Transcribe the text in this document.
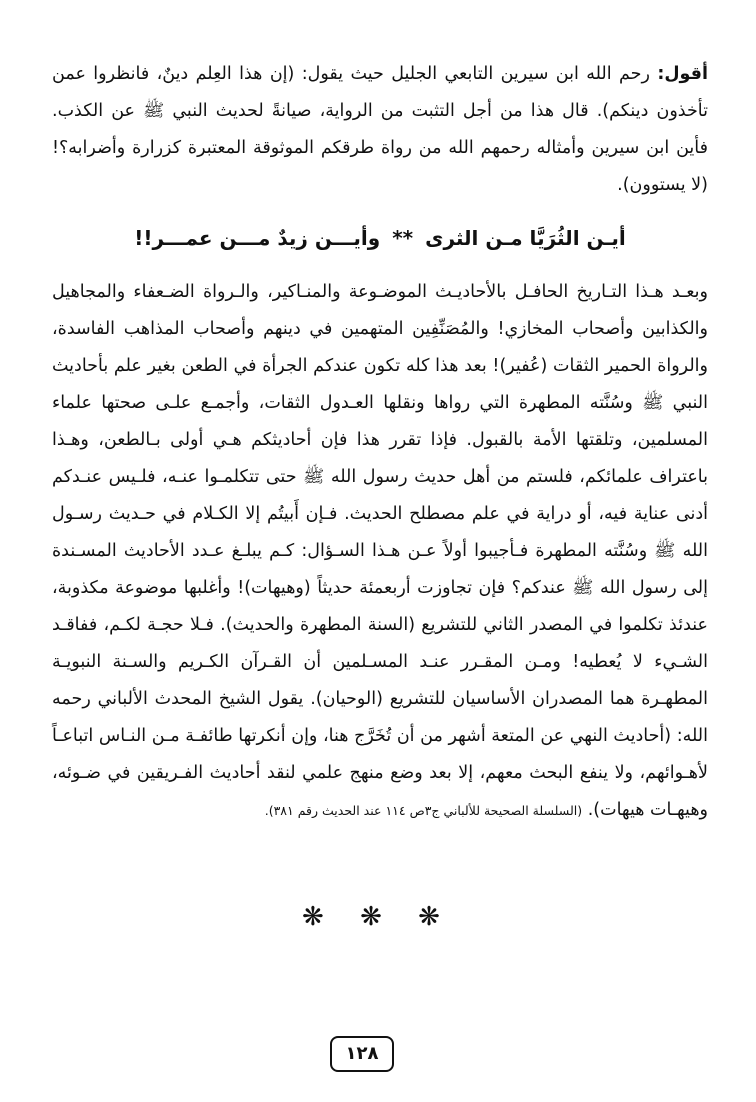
أقول: رحم الله ابن سيرين التابعي الجليل حيث يقول: (إن هذا العِلم دينٌ، فانظروا عمن تأخذون دينكم). قال هذا من أجل التثبت من الرواية، صيانةً لحديث النبي ﷺ عن الكذب. فأين ابن سيرين وأمثاله رحمهم الله من رواة طرقكم الموثوقة المعتبرة كزرارة وأضرابه؟! (لا يستوون).

أيـن الثُرَيَّا مـن الثرى**وأيـــن زيدٌ مـــن عمـــر!!

وبعـد هـذا التـاريخ الحافـل بالأحاديـث الموضـوعة والمنـاكير، والـرواة الضـعفاء والمجاهيل والكذابين وأصحاب المخازي! والمُصَنِّفِين المتهمين في دينهم وأصحاب المذاهب الفاسدة، والرواة الحمير الثقات (عُفير)! بعد هذا كله تكون عندكم الجرأة في الطعن بغير علم بأحاديث النبي ﷺ وسُنَّته المطهرة التي رواها ونقلها العـدول الثقات، وأجمـع علـى صحتها علماء المسلمين، وتلقتها الأمة بالقبول. فإذا تقرر هذا فإن أحاديثكم هـي أولى بـالطعن، وهـذا باعتراف علمائكم، فلستم من أهل حديث رسول الله ﷺ حتى تتكلمـوا عنـه، فلـيس عنـدكم أدنى عناية فيه، أو دراية في علم مصطلح الحديث. فـإن أَبيتُم إلا الكـلام في حـديث رسـول الله ﷺ وسُنَّته المطهرة فـأجيبوا أولاً عـن هـذا السـؤال: كـم يبلـغ عـدد الأحاديث المسـندة إلى رسول الله ﷺ عندكم؟ فإن تجاوزت أربعمئة حديثاً (وهيهات)! وأغلبها موضوعة مكذوبة، عندئذ تكلموا في المصدر الثاني للتشريع (السنة المطهرة والحديث). فـلا حجـة لكـم، ففاقـد الشـيء لا يُعطيه! ومـن المقـرر عنـد المسـلمين أن القـرآن الكـريم والسـنة النبويـة المطهـرة هما المصدران الأساسيان للتشريع (الوحيان). يقول الشيخ المحدث الألباني رحمه الله: (أحاديث النهي عن المتعة أشهر من أن تُخَرَّج هنا، وإن أنكرتها طائفـة مـن النـاس اتباعـاً لأهـوائهم، ولا ينفع البحث معهم، إلا بعد وضع منهج علمي لنقد أحاديث الفـريقين في ضـوئه، وهيهـات هيهات). (السلسلة الصحيحة للألباني ج٣ص ١١٤ عند الحديث رقم ٣٨١).

❋ ❋ ❋
١٢٨
